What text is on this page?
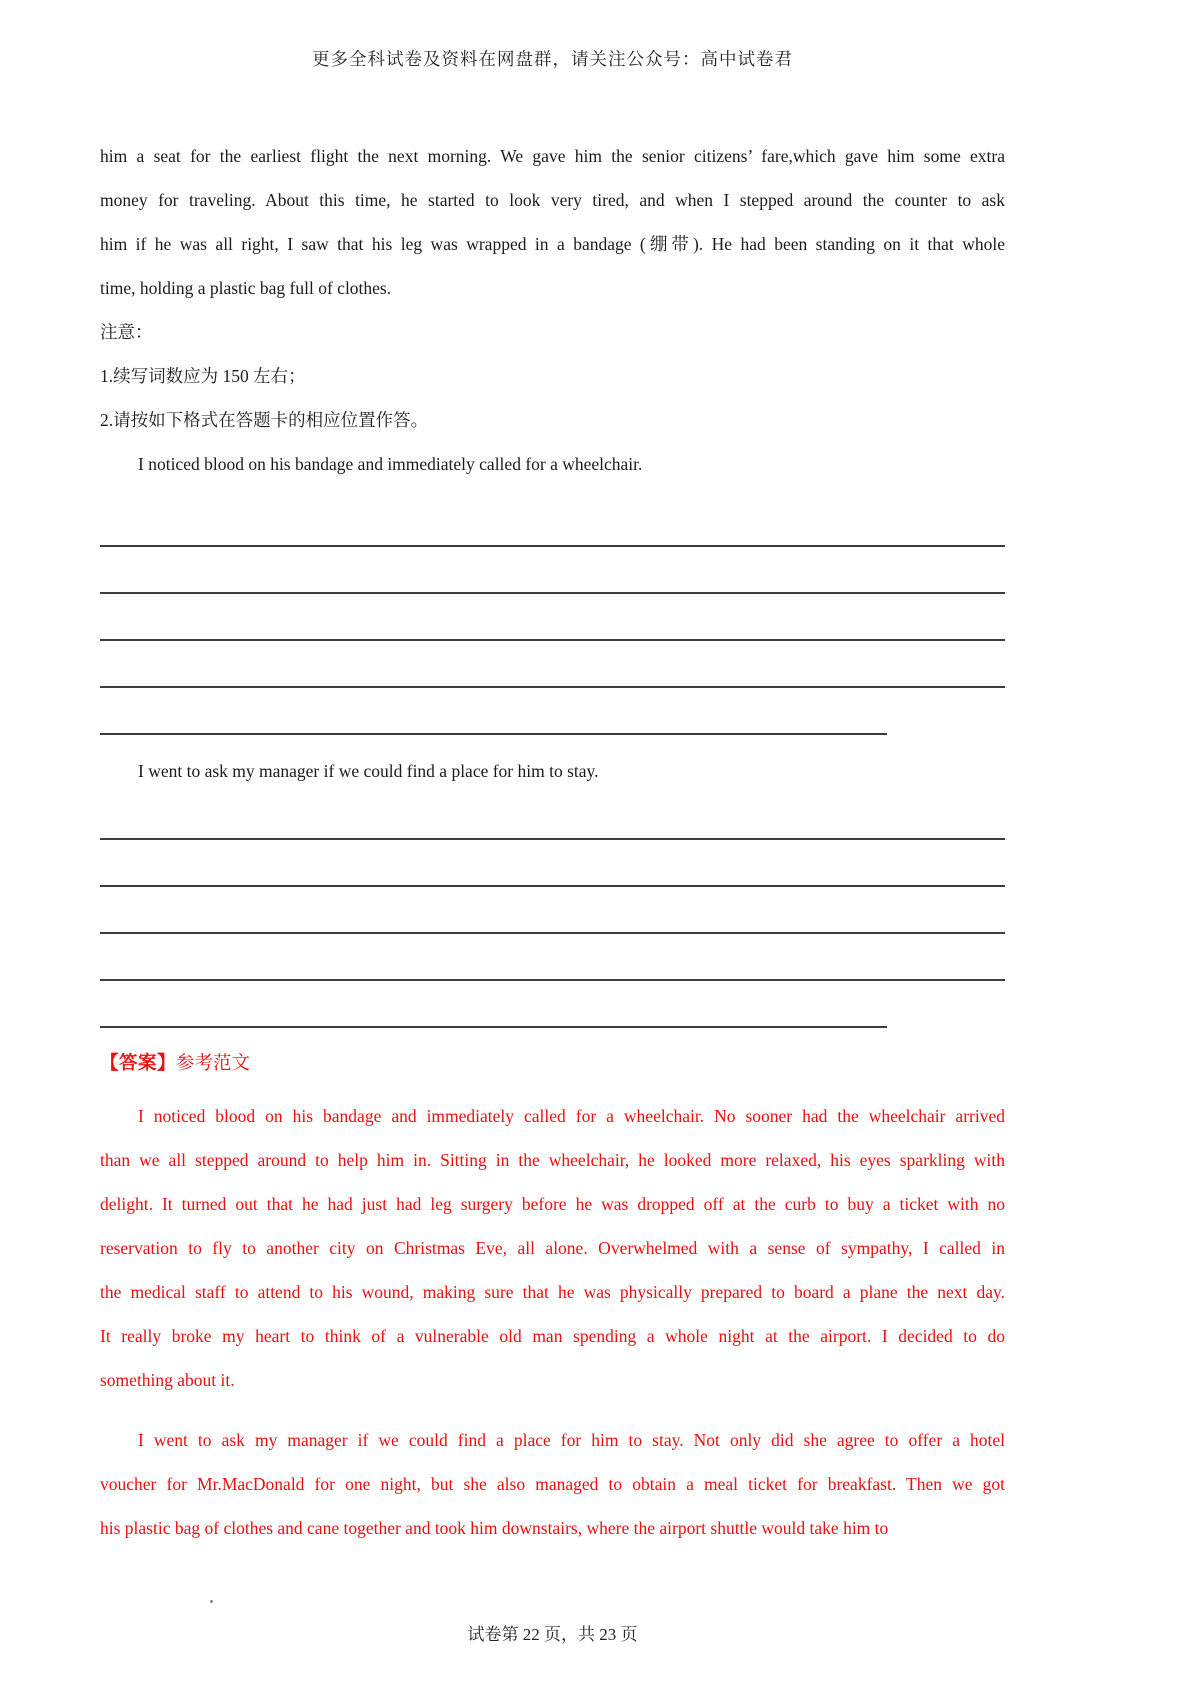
更多全科试卷及资料在网盘群，请关注公众号：高中试卷君
him a seat for the earliest flight the next morning. We gave him the senior citizens’ fare,which gave him some extra
money for traveling. About this time, he started to look very tired, and when I stepped around the counter to ask
him if he was all right, I saw that his leg was wrapped in a bandage (绷带). He had been standing on it that whole
time, holding a plastic bag full of clothes.
注意：
1.续写词数应为 150 左右；
2.请按如下格式在答题卡的相应位置作答。
I noticed blood on his bandage and immediately called for a wheelchair.
I went to ask my manager if we could find a place for him to stay.
【答案】参考范文
I noticed blood on his bandage and immediately called for a wheelchair. No sooner had the wheelchair arrived
than we all stepped around to help him in. Sitting in the wheelchair, he looked more relaxed, his eyes sparkling with
delight. It turned out that he had just had leg surgery before he was dropped off at the curb to buy a ticket with no
reservation to fly to another city on Christmas Eve, all alone. Overwhelmed with a sense of sympathy, I called in
the medical staff to attend to his wound, making sure that he was physically prepared to board a plane the next day.
It really broke my heart to think of a vulnerable old man spending a whole night at the airport. I decided to do
something about it.
I went to ask my manager if we could find a place for him to stay. Not only did she agree to offer a hotel
voucher for Mr.MacDonald for one night, but she also managed to obtain a meal ticket for breakfast. Then we got
his plastic bag of clothes and cane together and took him downstairs, where the airport shuttle would take him to
试卷第 22 页，共 23 页
